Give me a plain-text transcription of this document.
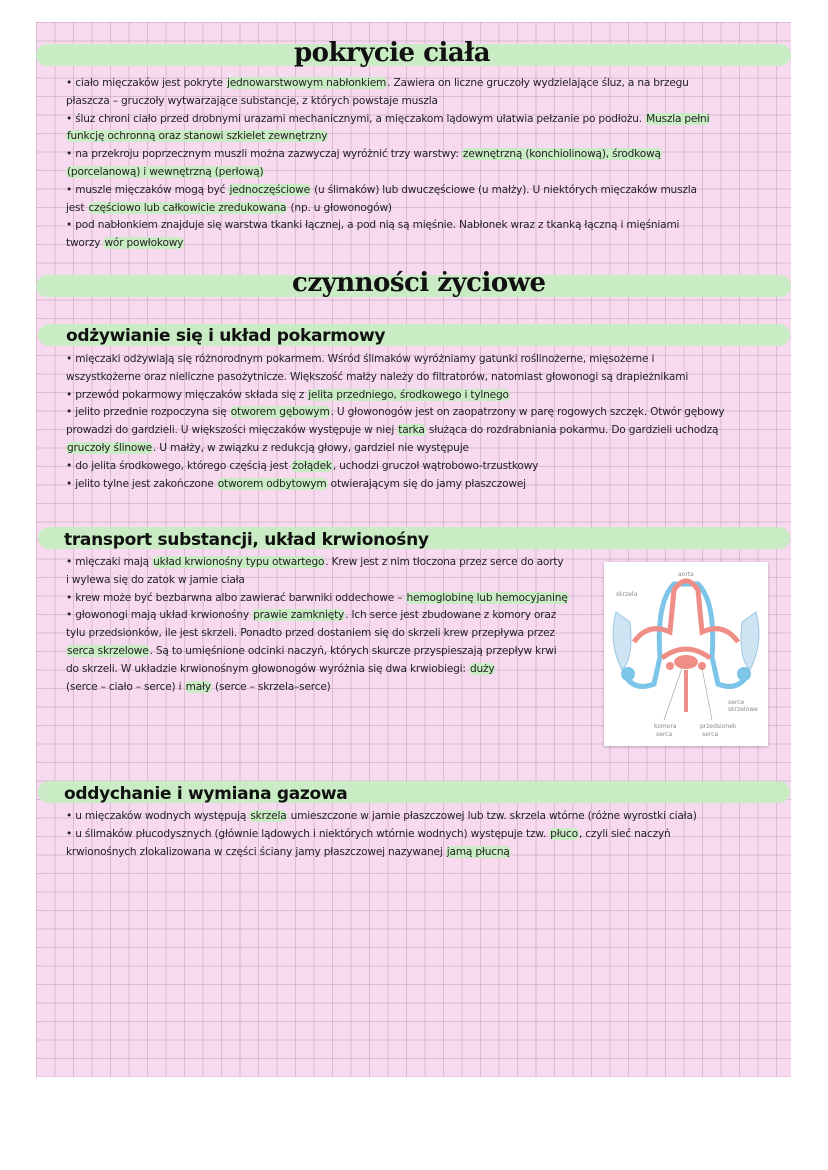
pokrycie ciała

• ciało mięczaków jest pokryte jednowarstwowym nabłonkiem. Zawiera on liczne gruczoły wydzielające śluz, a na brzegu

płaszcza – gruczoły wytwarzające substancje, z których powstaje muszla

• śluz chroni ciało przed drobnymi urazami mechanicznymi, a mięczakom lądowym ułatwia pełzanie po podłożu. Muszla pełni

funkcję ochronną oraz stanowi szkielet zewnętrzny

• na przekroju poprzecznym muszli można zazwyczaj wyróżnić trzy warstwy: zewnętrzną (konchiolinową), środkową

(porcelanową) i wewnętrzną (perłową)

• muszle mięczaków mogą być jednoczęściowe (u ślimaków) lub dwuczęściowe (u małży). U niektórych mięczaków muszla

jest częściowo lub całkowicie zredukowana (np. u głowonogów)

• pod nabłonkiem znajduje się warstwa tkanki łącznej, a pod nią są mięśnie. Nabłonek wraz z tkanką łączną i mięśniami

tworzy wór powłokowy

czynności życiowe
odżywianie się i układ pokarmowy

• mięczaki odżywiają się różnorodnym pokarmem. Wśród ślimaków wyróżniamy gatunki roślinożerne, mięsożerne i

wszystkożerne oraz nieliczne pasożytnicze. Większość małży należy do filtratorów, natomiast głowonogi są drapieżnikami

• przewód pokarmowy mięczaków składa się z jelita przedniego, środkowego i tylnego

• jelito przednie rozpoczyna się otworem gębowym. U głowonogów jest on zaopatrzony w parę rogowych szczęk. Otwór gębowy

prowadzi do gardzieli. U większości mięczaków występuje w niej tarka służąca do rozdrabniania pokarmu. Do gardzieli uchodzą

gruczoły ślinowe. U małży, w związku z redukcją głowy, gardziel nie występuje

• do jelita środkowego, którego częścią jest żołądek, uchodzi gruczoł wątrobowo-trzustkowy

• jelito tylne jest zakończone otworem odbytowym otwierającym się do jamy płaszczowej

transport substancji, układ krwionośny

• mięczaki mają układ krwionośny typu otwartego. Krew jest z nim tłoczona przez serce do aorty

i wylewa się do zatok w jamie ciała

• krew może być bezbarwna albo zawierać barwniki oddechowe – hemoglobinę lub hemocyjaninę

• głowonogi mają układ krwionośny prawie zamknięty. Ich serce jest zbudowane z komory oraz

tylu przedsionków, ile jest skrzeli. Ponadto przed dostaniem się do skrzeli krew przepływa przez

serca skrzelowe. Są to umięśnione odcinki naczyń, których skurcze przyspieszają przepływ krwi

do skrzeli. W układzie krwionośnym głowonogów wyróżnia się dwa krwiobiegi: duży

(serce – ciało – serce) i mały (serce – skrzela–serce)

aorta
skrzela
serce
skrzelowe
komora
serca
przedsionek
serca
oddychanie i wymiana gazowa

• u mięczaków wodnych występują skrzela umieszczone w jamie płaszczowej lub tzw. skrzela wtórne (różne wyrostki ciała)

• u ślimaków płucodysznych (głównie lądowych i niektórych wtórnie wodnych) występuje tzw. płuco, czyli sieć naczyń

krwionośnych zlokalizowana w części ściany jamy płaszczowej nazywanej jamą płucną
